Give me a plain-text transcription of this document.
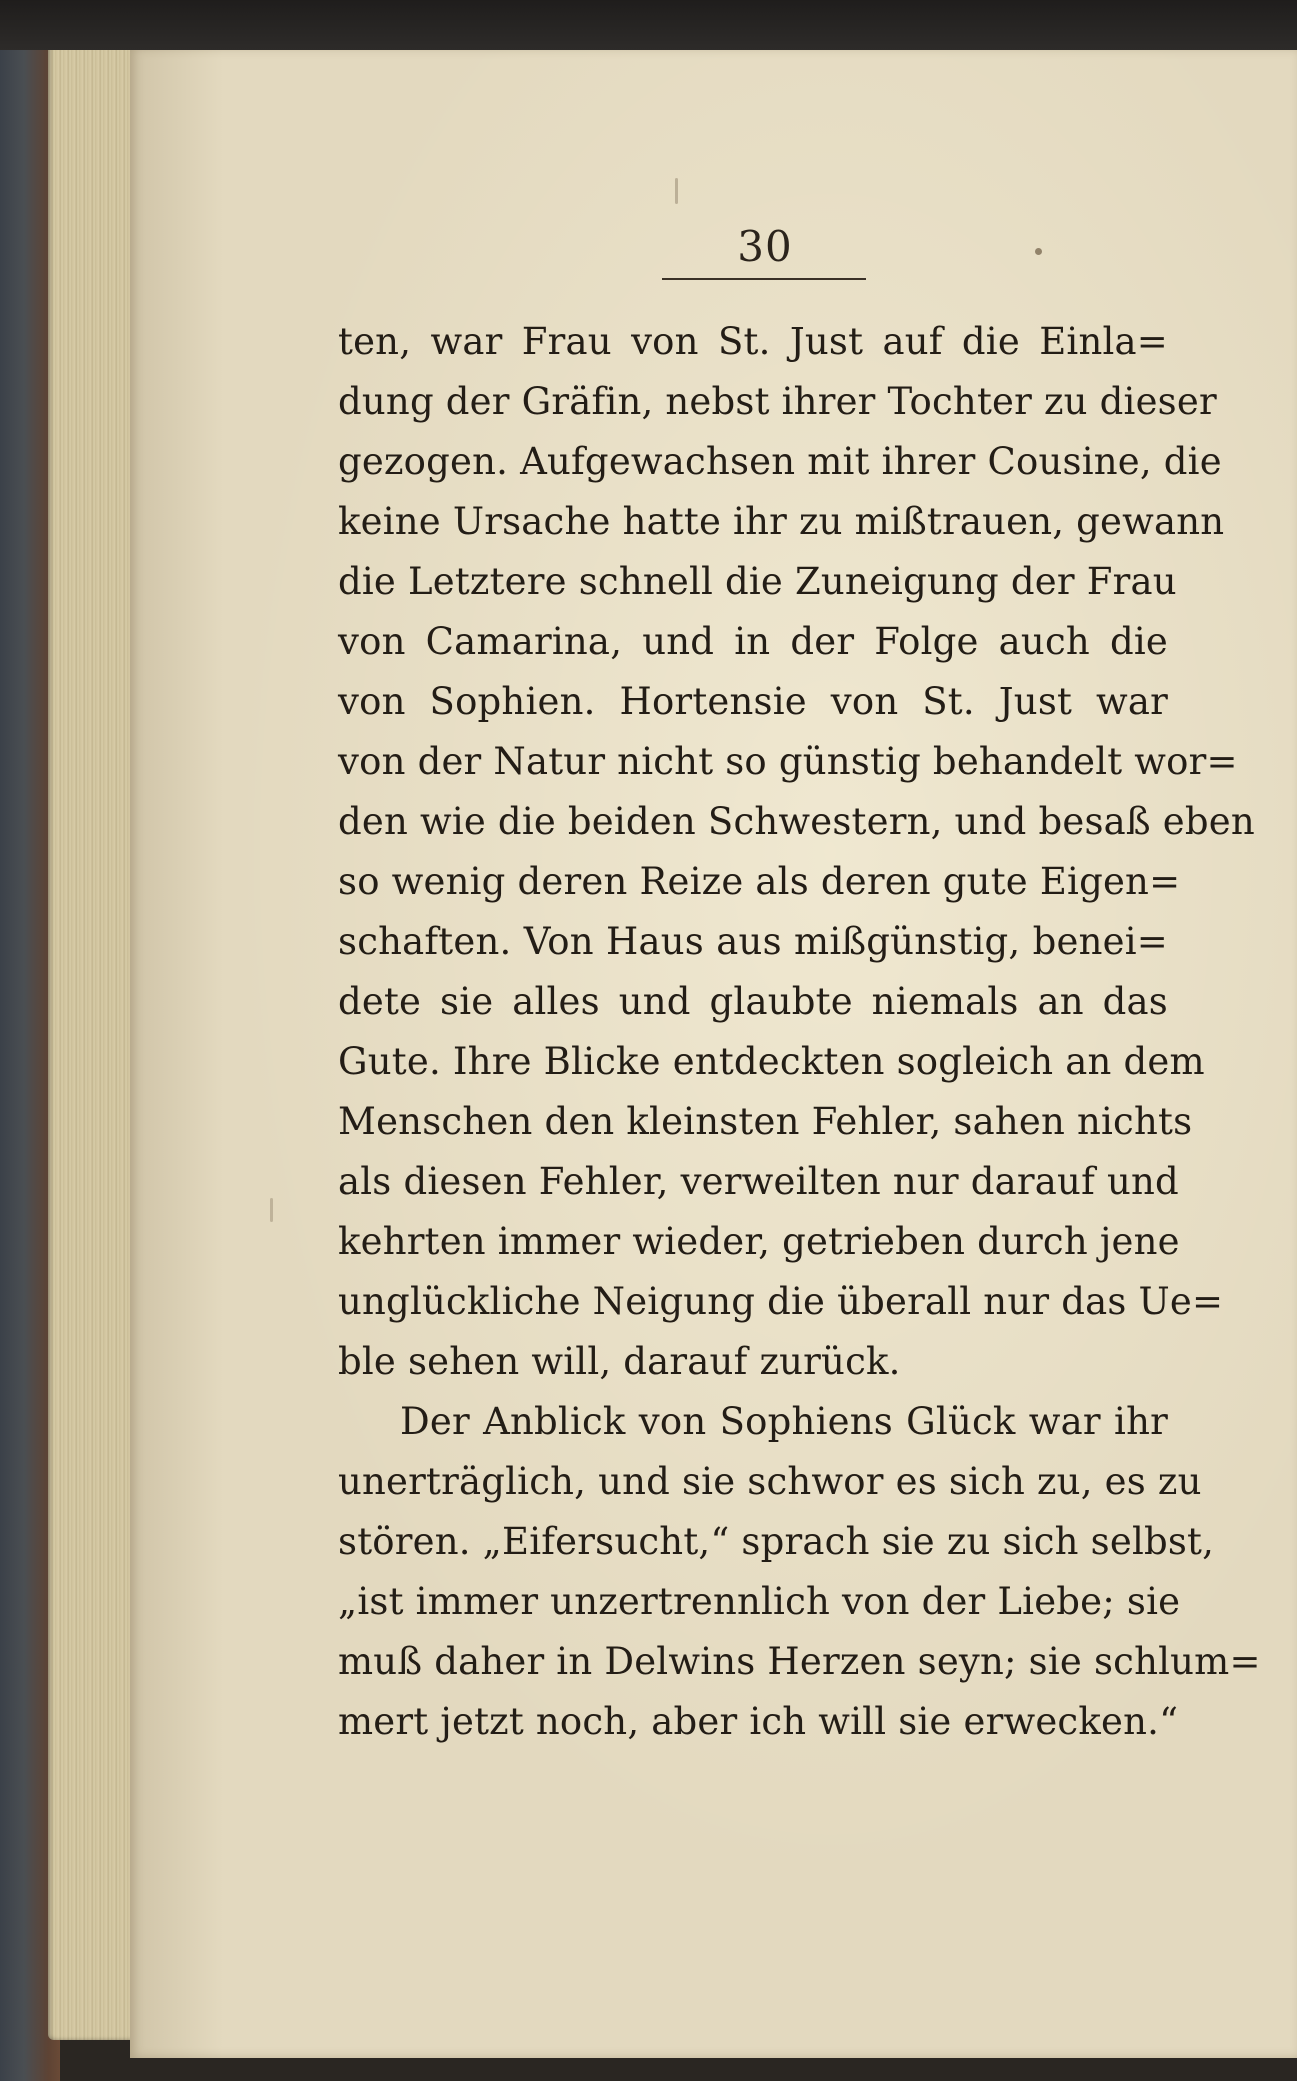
30
ten, war Frau von St. Just auf die Einla=
dung der Gräfin, nebst ihrer Tochter zu dieser
gezogen. Aufgewachsen mit ihrer Cousine, die
keine Ursache hatte ihr zu mißtrauen, gewann
die Letztere schnell die Zuneigung der Frau
von Camarina, und in der Folge auch die
von Sophien. Hortensie von St. Just war
von der Natur nicht so günstig behandelt wor=
den wie die beiden Schwestern, und besaß eben
so wenig deren Reize als deren gute Eigen=
schaften. Von Haus aus mißgünstig, benei=
dete sie alles und glaubte niemals an das
Gute. Ihre Blicke entdeckten sogleich an dem
Menschen den kleinsten Fehler, sahen nichts
als diesen Fehler, verweilten nur darauf und
kehrten immer wieder, getrieben durch jene
unglückliche Neigung die überall nur das Ue=
ble sehen will, darauf zurück.
Der Anblick von Sophiens Glück war ihr
unerträglich, und sie schwor es sich zu, es zu
stören. „Eifersucht,“ sprach sie zu sich selbst,
„ist immer unzertrennlich von der Liebe; sie
muß daher in Delwins Herzen seyn; sie schlum=
mert jetzt noch, aber ich will sie erwecken.“
